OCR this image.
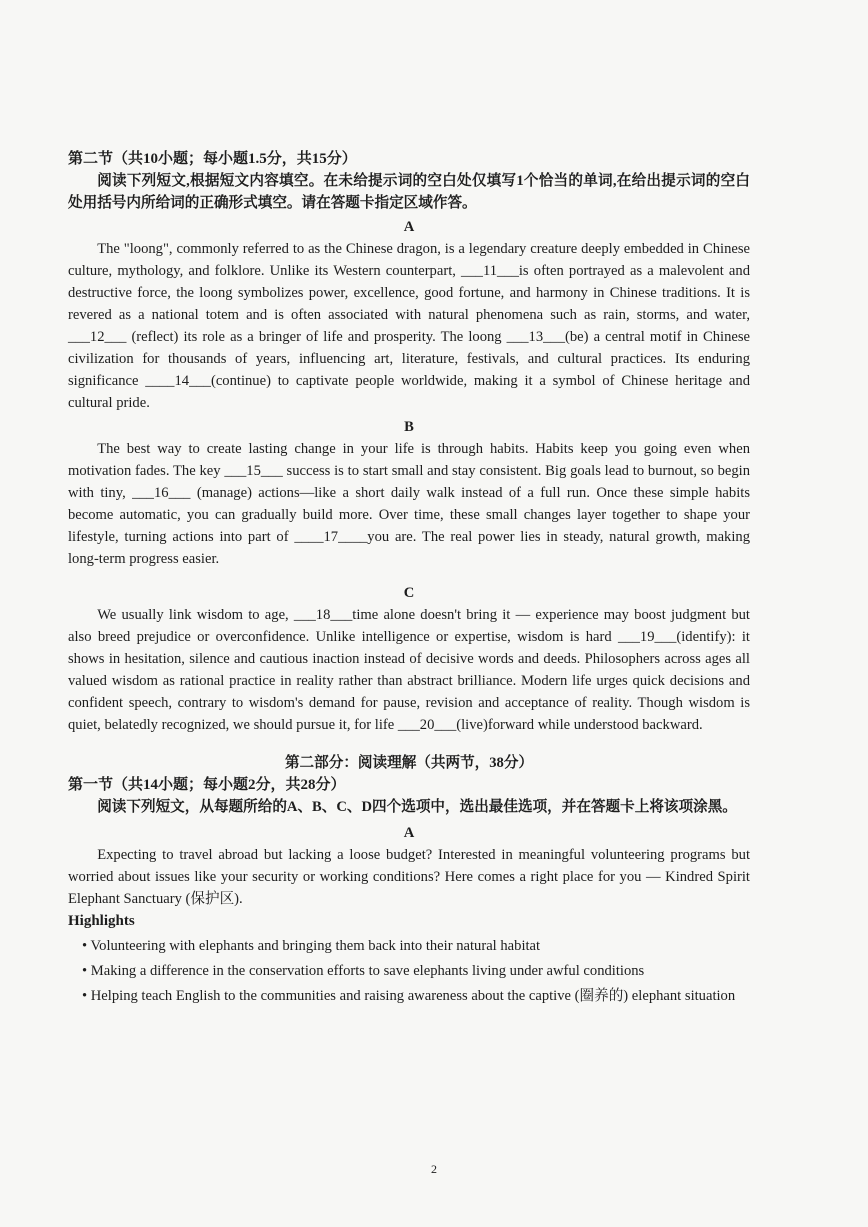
第二节（共10小题；每小题1.5分，共15分）
阅读下列短文,根据短文内容填空。在未给提示词的空白处仅填写1个恰当的单词,在给出提示词的空白处用括号内所给词的正确形式填空。请在答题卡指定区域作答。
A

The "loong", commonly referred to as the Chinese dragon, is a legendary creature deeply embedded in Chinese culture, mythology, and folklore. Unlike its Western counterpart, ___11___is often portrayed as a malevolent and destructive force, the loong symbolizes power, excellence, good fortune, and harmony in Chinese traditions. It is revered as a national totem and is often associated with natural phenomena such as rain, storms, and water, ___12___ (reflect) its role as a bringer of life and prosperity. The loong ___13___(be) a central motif in Chinese civilization for thousands of years, influencing art, literature, festivals, and cultural practices. Its enduring significance ____14___(continue) to captivate people worldwide, making it a symbol of Chinese heritage and cultural pride.

B

The best way to create lasting change in your life is through habits. Habits keep you going even when motivation fades. The key ___15___ success is to start small and stay consistent. Big goals lead to burnout, so begin with tiny, ___16___ (manage) actions—like a short daily walk instead of a full run. Once these simple habits become automatic, you can gradually build more. Over time, these small changes layer together to shape your lifestyle, turning actions into part of ____17____you are. The real power lies in steady, natural growth, making long-term progress easier.

C

We usually link wisdom to age, ___18___time alone doesn't bring it — experience may boost judgment but also breed prejudice or overconfidence. Unlike intelligence or expertise, wisdom is hard ___19___(identify): it shows in hesitation, silence and cautious inaction instead of decisive words and deeds. Philosophers across ages all valued wisdom as rational practice in reality rather than abstract brilliance. Modern life urges quick decisions and confident speech, contrary to wisdom's demand for pause, revision and acceptance of reality. Though wisdom is quiet, belatedly recognized, we should pursue it, for life ___20___(live)forward while understood backward.

第二部分：阅读理解（共两节，38分）
第一节（共14小题；每小题2分，共28分）
阅读下列短文，从每题所给的A、B、C、D四个选项中，选出最佳选项，并在答题卡上将该项涂黑。
A

Expecting to travel abroad but lacking a loose budget? Interested in meaningful volunteering programs but worried about issues like your security or working conditions? Here comes a right place for you — Kindred Spirit Elephant Sanctuary (保护区).

Highlights
• Volunteering with elephants and bringing them back into their natural habitat
• Making a difference in the conservation efforts to save elephants living under awful conditions
• Helping teach English to the communities and raising awareness about the captive (圈养的) elephant situation
2
